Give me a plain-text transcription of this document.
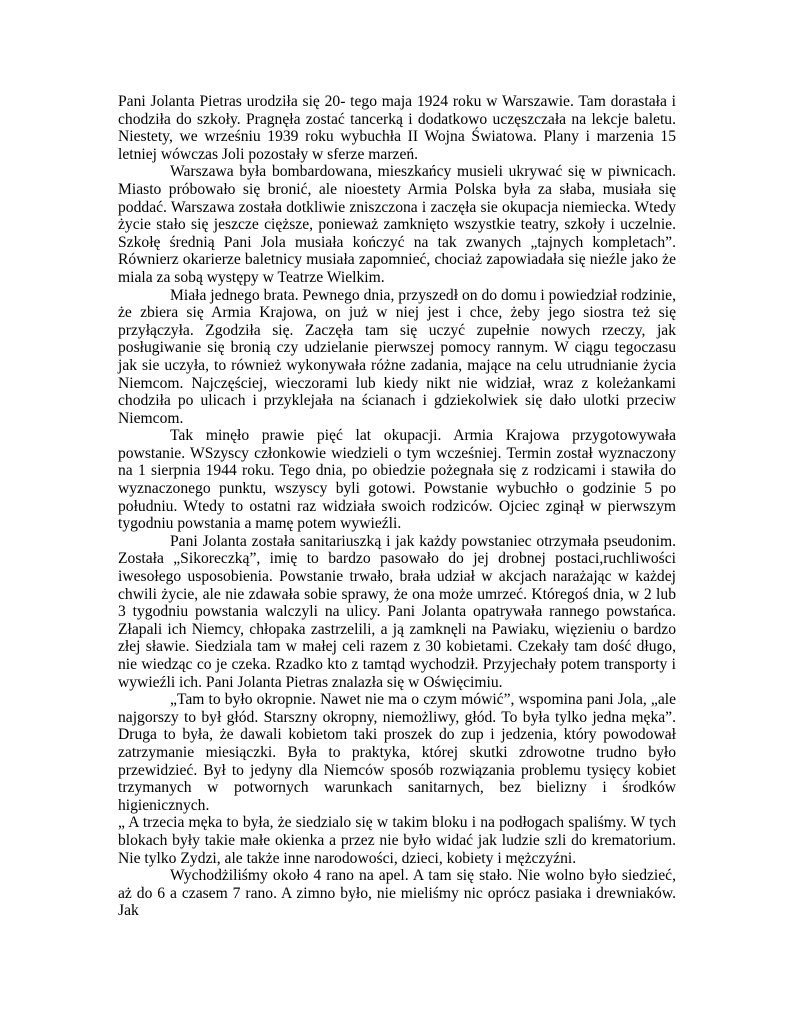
Pani Jolanta Pietras urodziła się 20- tego maja 1924 roku w Warszawie. Tam dorastała i chodziła do szkoły. Pragnęła zostać tancerką i dodatkowo uczęszczała na lekcje baletu. Niestety, we wrześniu 1939 roku wybuchła II Wojna Światowa. Plany i marzenia 15 letniej wówczas Joli pozostały w sferze marzeń.

Warszawa była bombardowana, mieszkańcy musieli ukrywać się w piwnicach. Miasto próbowało się bronić, ale nioestety Armia Polska była za słaba, musiała się poddać. Warszawa została dotkliwie zniszczona i zaczęła sie okupacja niemiecka. Wtedy życie stało się jeszcze cięższe, ponieważ zamknięto wszystkie teatry, szkoły i uczelnie. Szkołę średnią Pani Jola musiała kończyć na tak zwanych „tajnych kompletach”. Równierz okarierze baletnicy musiała zapomnieć, chociaż zapowiadała się nieźle jako że miala za sobą występy w Teatrze Wielkim.

Miała jednego brata. Pewnego dnia, przyszedł on do domu i powiedział rodzinie, że zbiera się Armia Krajowa, on już w niej jest i chce, żeby jego siostra też się przyłączyła. Zgodziła się. Zaczęła tam się uczyć zupełnie nowych rzeczy, jak posługiwanie się bronią czy udzielanie pierwszej pomocy rannym. W ciągu tegoczasu jak sie uczyła, to również wykonywała różne zadania, mające na celu utrudnianie życia Niemcom. Najczęściej, wieczorami lub kiedy nikt nie widział, wraz z koleżankami chodziła po ulicach i przyklejała na ścianach i gdziekolwiek się dało ulotki przeciw Niemcom.

Tak minęło prawie pięć lat okupacji. Armia Krajowa przygotowywała powstanie. WSzyscy członkowie wiedzieli o tym wcześniej. Termin został wyznaczony na 1 sierpnia 1944 roku. Tego dnia, po obiedzie pożegnała się z rodzicami i stawiła do wyznaczonego punktu, wszyscy byli gotowi. Powstanie wybuchło o godzinie 5 po południu. Wtedy to ostatni raz widziała swoich rodziców. Ojciec zginął w pierwszym tygodniu powstania a mamę potem wywieźli.

Pani Jolanta została sanitariuszką i jak każdy powstaniec otrzymała pseudonim. Została „Sikoreczką”, imię to bardzo pasowało do jej drobnej postaci,ruchliwości iwesołego usposobienia. Powstanie trwało, brała udział w akcjach narażając w każdej chwili życie, ale nie zdawała sobie sprawy, że ona może umrzeć. Któregoś dnia, w 2 lub 3 tygodniu powstania walczyli na ulicy. Pani Jolanta opatrywała rannego powstańca. Złapali ich Niemcy, chłopaka zastrzelili, a ją zamknęli na Pawiaku, więzieniu o bardzo złej sławie. Siedziala tam w małej celi razem z 30 kobietami. Czekały tam dość długo, nie wiedząc co je czeka. Rzadko kto z tamtąd wychodził. Przyjechały potem transporty i wywieźli ich. Pani Jolanta Pietras znalazła się w Oświęcimiu.

„Tam to było okropnie. Nawet nie ma o czym mówić”, wspomina pani Jola, „ale najgorszy to był głód. Starszny okropny, niemożliwy, głód. To była tylko jedna męka”. Druga to była, że dawali kobietom taki proszek do zup i jedzenia, który powodował zatrzymanie miesiączki. Była to praktyka, której skutki zdrowotne trudno było przewidzieć. Był to jedyny dla Niemców sposób rozwiązania problemu tysięcy kobiet trzymanych w potwornych warunkach sanitarnych, bez bielizny i środków higienicznych.

„ A trzecia męka to była, że siedzialo się w takim bloku i na podłogach spaliśmy. W tych blokach były takie małe okienka a przez nie było widać jak ludzie szli do krematorium. Nie tylko Zydzi, ale także inne narodowości, dzieci, kobiety i mężczyźni.

Wychodżiliśmy około 4 rano na apel. A tam się stało. Nie wolno było siedzieć, aż do 6 a czasem 7 rano. A zimno było, nie mieliśmy nic oprócz pasiaka i drewniaków. Jak
